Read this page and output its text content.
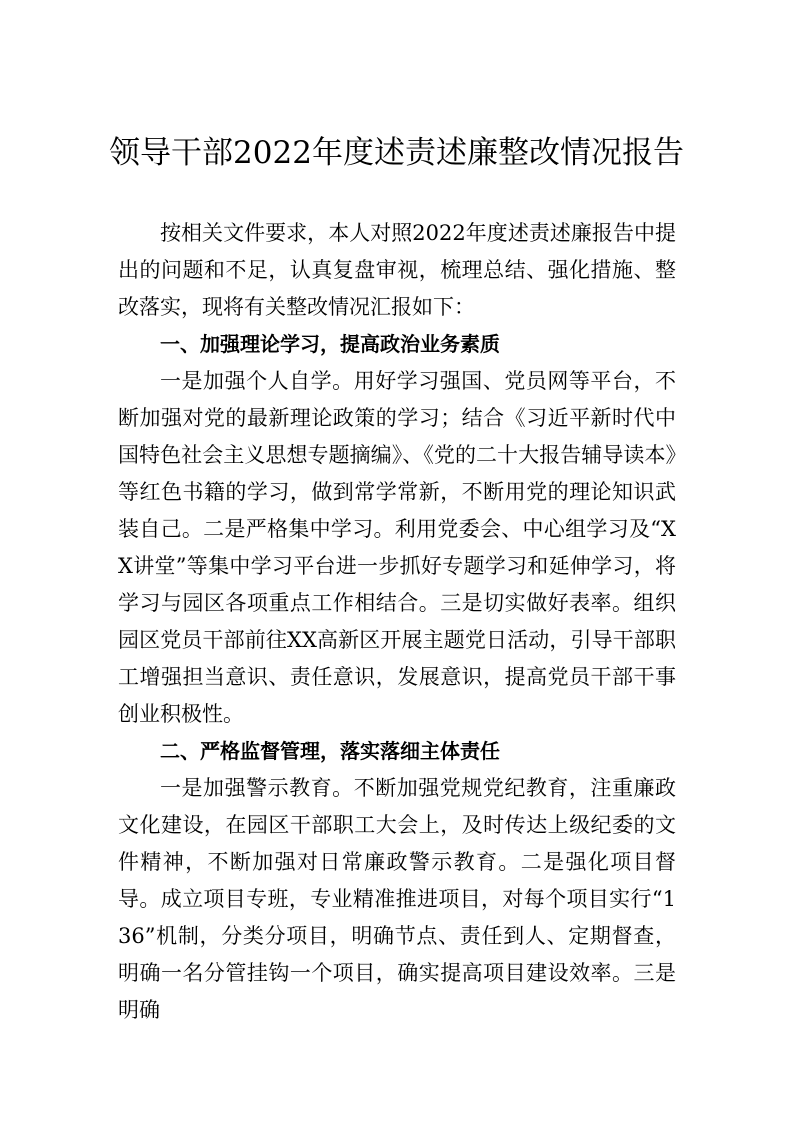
领导干部2022年度述责述廉整改情况报告

按相关文件要求，本人对照2022年度述责述廉报告中提出的问题和不足，认真复盘审视，梳理总结、强化措施、整改落实，现将有关整改情况汇报如下：

一、加强理论学习，提高政治业务素质

一是加强个人自学。用好学习强国、党员网等平台，不断加强对党的最新理论政策的学习；结合《习近平新时代中国特色社会主义思想专题摘编》、《党的二十大报告辅导读本》等红色书籍的学习，做到常学常新，不断用党的理论知识武装自己。二是严格集中学习。利用党委会、中心组学习及“XX讲堂”等集中学习平台进一步抓好专题学习和延伸学习，将学习与园区各项重点工作相结合。三是切实做好表率。组织园区党员干部前往XX高新区开展主题党日活动，引导干部职工增强担当意识、责任意识，发展意识，提高党员干部干事创业积极性。

二、严格监督管理，落实落细主体责任

一是加强警示教育。不断加强党规党纪教育，注重廉政文化建设，在园区干部职工大会上，及时传达上级纪委的文件精神，不断加强对日常廉政警示教育。二是强化项目督导。成立项目专班，专业精准推进项目，对每个项目实行“136”机制，分类分项目，明确节点、责任到人、定期督查，明确一名分管挂钩一个项目，确实提高项目建设效率。三是明确
